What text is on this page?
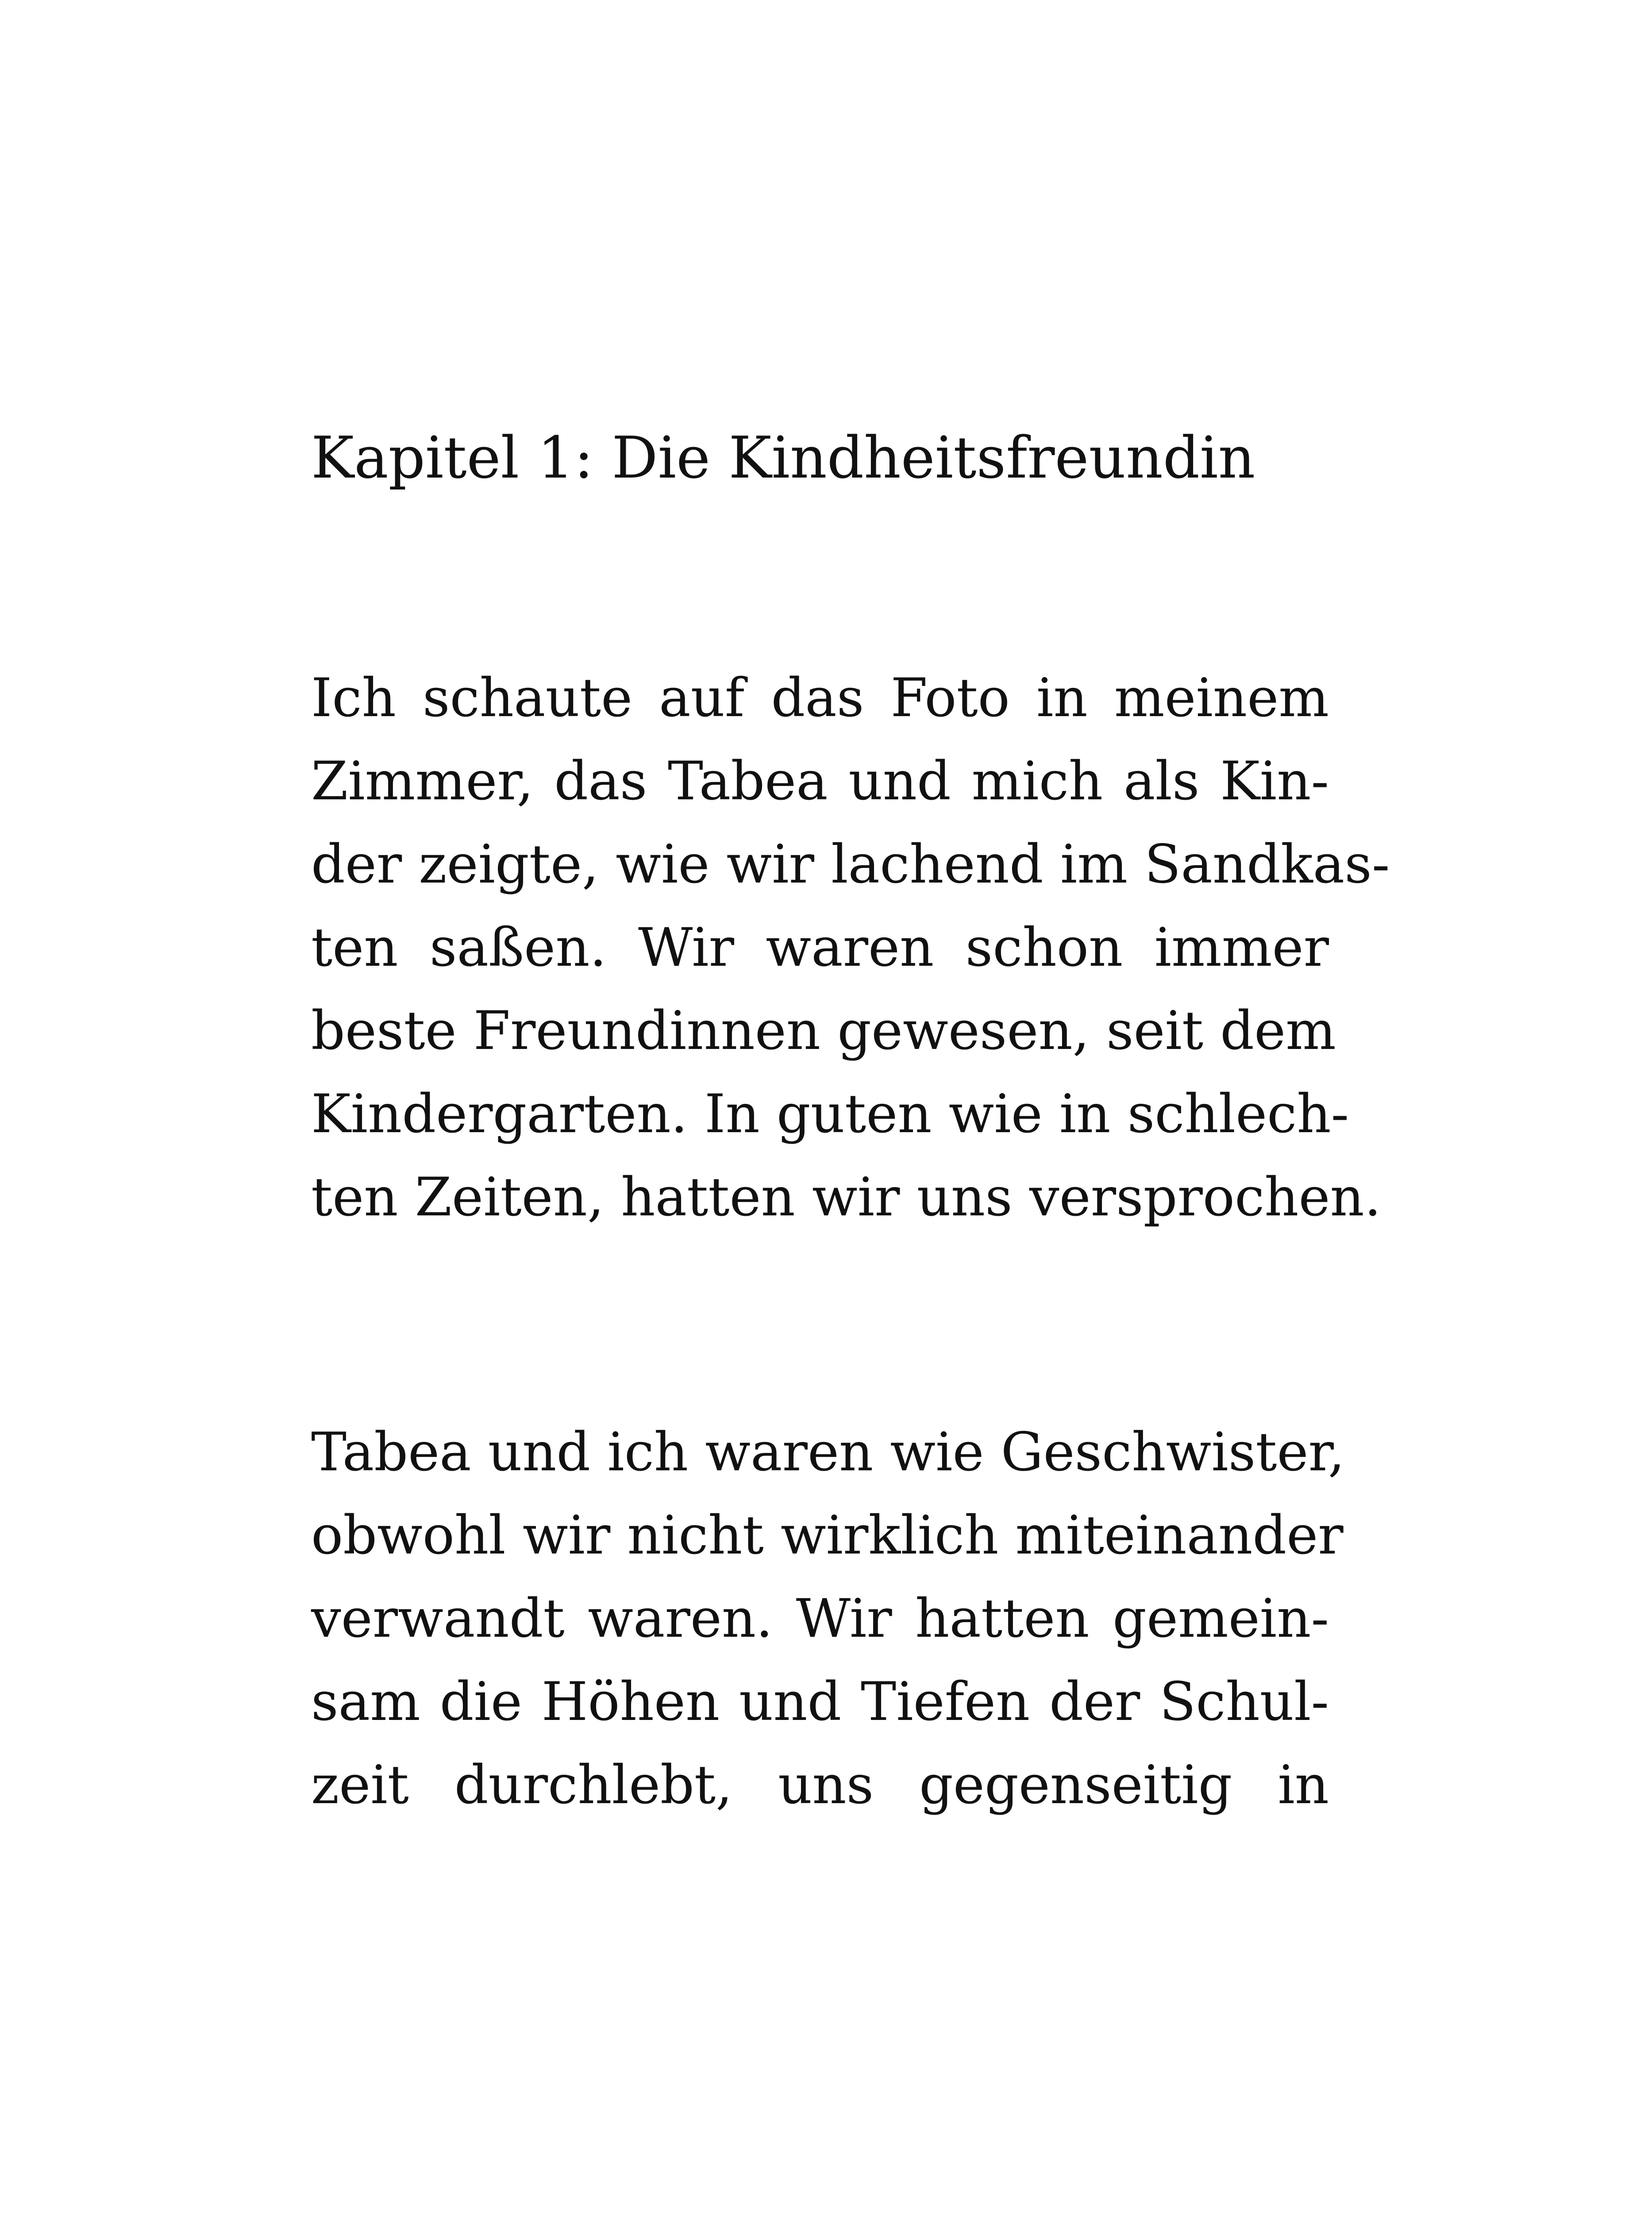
Kapitel 1: Die Kindheitsfreundin
Ich schaute auf das Foto in meinem
Zimmer, das Tabea und mich als Kin-
der zeigte, wie wir lachend im Sandkas-
ten saßen. Wir waren schon immer
beste Freundinnen gewesen, seit dem
Kindergarten. In guten wie in schlech-
ten Zeiten, hatten wir uns versprochen.
Tabea und ich waren wie Geschwister,
obwohl wir nicht wirklich miteinander
verwandt waren. Wir hatten gemein-
sam die Höhen und Tiefen der Schul-
zeit durchlebt, uns gegenseitig in
